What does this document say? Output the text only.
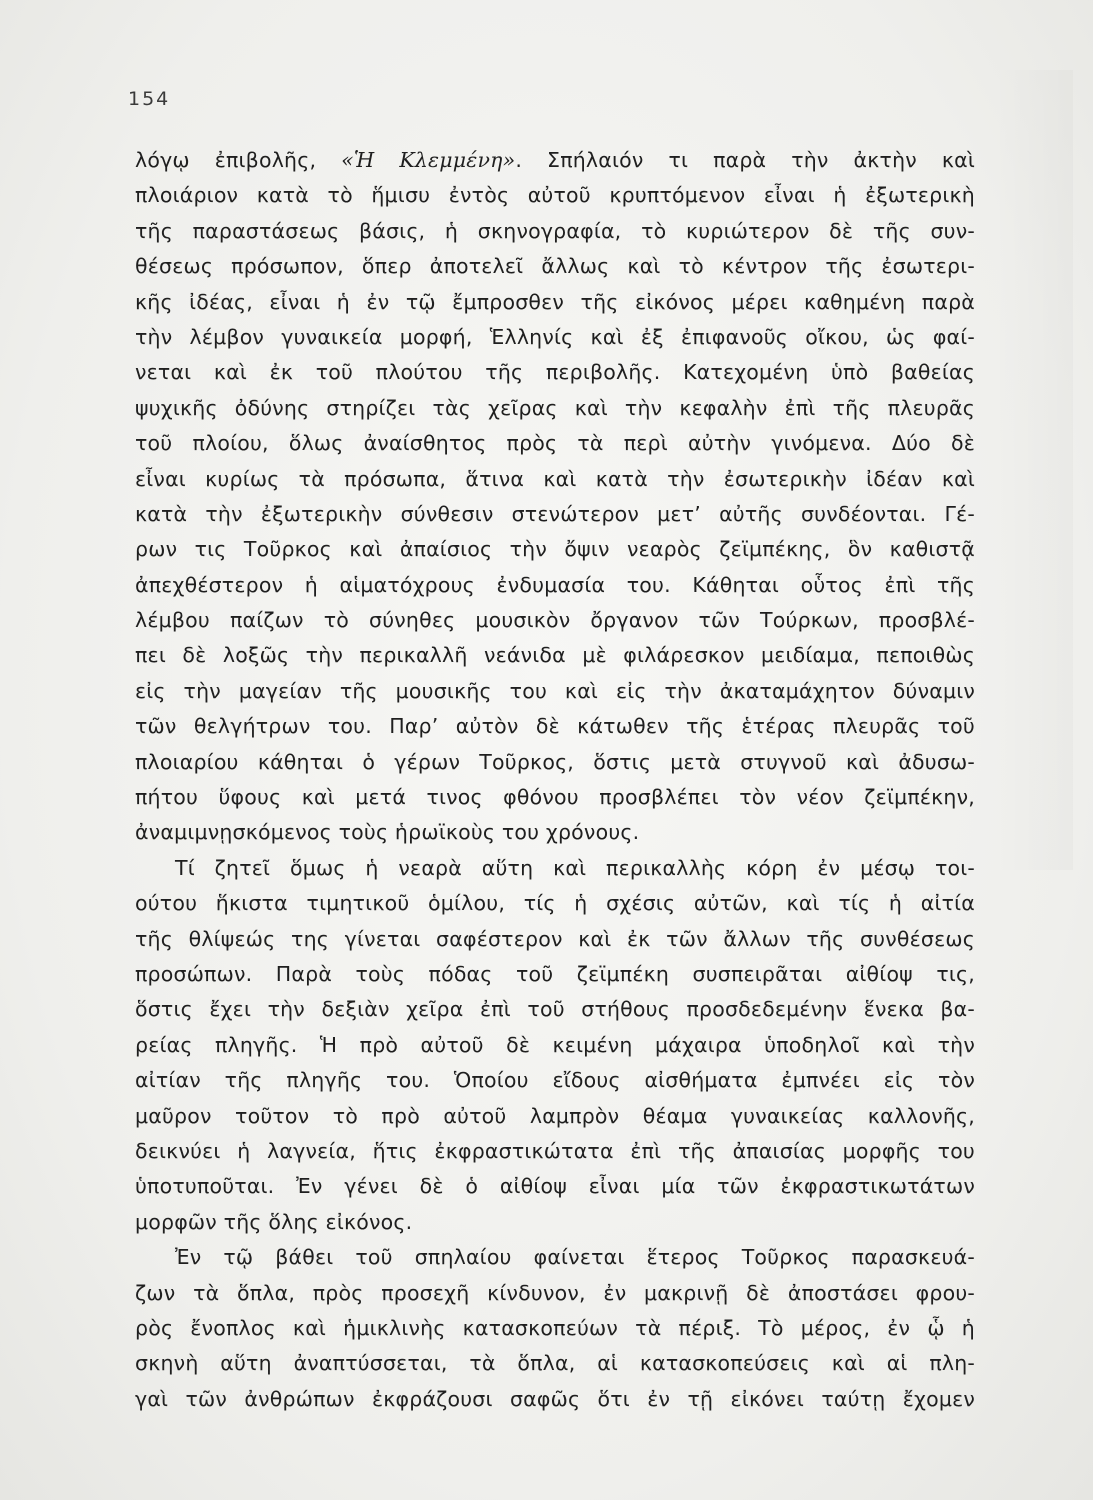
154
λόγῳ ἐπιβολῆς, «Ἡ Κλεμμένη». Σπήλαιόν τι παρὰ τὴν ἀκτὴν καὶ
πλοιάριον κατὰ τὸ ἥμισυ ἐντὸς αὐτοῦ κρυπτόμενον εἶναι ἡ ἐξωτερικὴ
τῆς παραστάσεως βάσις, ἡ σκηνογραφία, τὸ κυριώτερον δὲ τῆς συν-
θέσεως πρόσωπον, ὅπερ ἀποτελεῖ ἄλλως καὶ τὸ κέντρον τῆς ἐσωτερι-
κῆς ἰδέας, εἶναι ἡ ἐν τῷ ἔμπροσθεν τῆς εἰκόνος μέρει καθημένη παρὰ
τὴν λέμβον γυναικεία μορφή, Ἑλληνίς καὶ ἐξ ἐπιφανοῦς οἴκου, ὡς φαί-
νεται καὶ ἐκ τοῦ πλούτου τῆς περιβολῆς. Κατεχομένη ὑπὸ βαθείας
ψυχικῆς ὀδύνης στηρίζει τὰς χεῖρας καὶ τὴν κεφαλὴν ἐπὶ τῆς πλευρᾶς
τοῦ πλοίου, ὅλως ἀναίσθητος πρὸς τὰ περὶ αὐτὴν γινόμενα. Δύο δὲ
εἶναι κυρίως τὰ πρόσωπα, ἅτινα καὶ κατὰ τὴν ἐσωτερικὴν ἰδέαν καὶ
κατὰ τὴν ἐξωτερικὴν σύνθεσιν στενώτερον μετ’ αὐτῆς συνδέονται. Γέ-
ρων τις Τοῦρκος καὶ ἀπαίσιος τὴν ὄψιν νεαρὸς ζεϊμπέκης, ὃν καθιστᾷ
ἀπεχθέστερον ἡ αἱματόχρους ἐνδυμασία του. Κάθηται οὗτος ἐπὶ τῆς
λέμβου παίζων τὸ σύνηθες μουσικὸν ὄργανον τῶν Τούρκων, προσβλέ-
πει δὲ λοξῶς τὴν περικαλλῆ νεάνιδα μὲ φιλάρεσκον μειδίαμα, πεποιθὼς
εἰς τὴν μαγείαν τῆς μουσικῆς του καὶ εἰς τὴν ἀκαταμάχητον δύναμιν
τῶν θελγήτρων του. Παρ’ αὐτὸν δὲ κάτωθεν τῆς ἑτέρας πλευρᾶς τοῦ
πλοιαρίου κάθηται ὁ γέρων Τοῦρκος, ὅστις μετὰ στυγνοῦ καὶ ἀδυσω-
πήτου ὕφους καὶ μετά τινος φθόνου προσβλέπει τὸν νέον ζεϊμπέκην,
ἀναμιμνῃσκόμενος τοὺς ἡρωϊκοὺς του χρόνους.
Τί ζητεῖ ὅμως ἡ νεαρὰ αὕτη καὶ περικαλλὴς κόρη ἐν μέσῳ τοι-
ούτου ἥκιστα τιμητικοῦ ὁμίλου, τίς ἡ σχέσις αὐτῶν, καὶ τίς ἡ αἰτία
τῆς θλίψεώς της γίνεται σαφέστερον καὶ ἐκ τῶν ἄλλων τῆς συνθέσεως
προσώπων. Παρὰ τοὺς πόδας τοῦ ζεϊμπέκη συσπειρᾶται αἰθίοψ τις,
ὅστις ἔχει τὴν δεξιὰν χεῖρα ἐπὶ τοῦ στήθους προσδεδεμένην ἕνεκα βα-
ρείας πληγῆς. Ἡ πρὸ αὐτοῦ δὲ κειμένη μάχαιρα ὑποδηλοῖ καὶ τὴν
αἰτίαν τῆς πληγῆς του. Ὁποίου εἴδους αἰσθήματα ἐμπνέει εἰς τὸν
μαῦρον τοῦτον τὸ πρὸ αὐτοῦ λαμπρὸν θέαμα γυναικείας καλλονῆς,
δεικνύει ἡ λαγνεία, ἥτις ἐκφραστικώτατα ἐπὶ τῆς ἀπαισίας μορφῆς του
ὑποτυποῦται. Ἐν γένει δὲ ὁ αἰθίοψ εἶναι μία τῶν ἐκφραστικωτάτων
μορφῶν τῆς ὅλης εἰκόνος.
Ἐν τῷ βάθει τοῦ σπηλαίου φαίνεται ἕτερος Τοῦρκος παρασκευά-
ζων τὰ ὅπλα, πρὸς προσεχῆ κίνδυνον, ἐν μακρινῇ δὲ ἀποστάσει φρου-
ρὸς ἔνοπλος καὶ ἡμικλινὴς κατασκοπεύων τὰ πέριξ. Τὸ μέρος, ἐν ᾧ ἡ
σκηνὴ αὕτη ἀναπτύσσεται, τὰ ὅπλα, αἱ κατασκοπεύσεις καὶ αἱ πλη-
γαὶ τῶν ἀνθρώπων ἐκφράζουσι σαφῶς ὅτι ἐν τῇ εἰκόνει ταύτῃ ἔχομεν
